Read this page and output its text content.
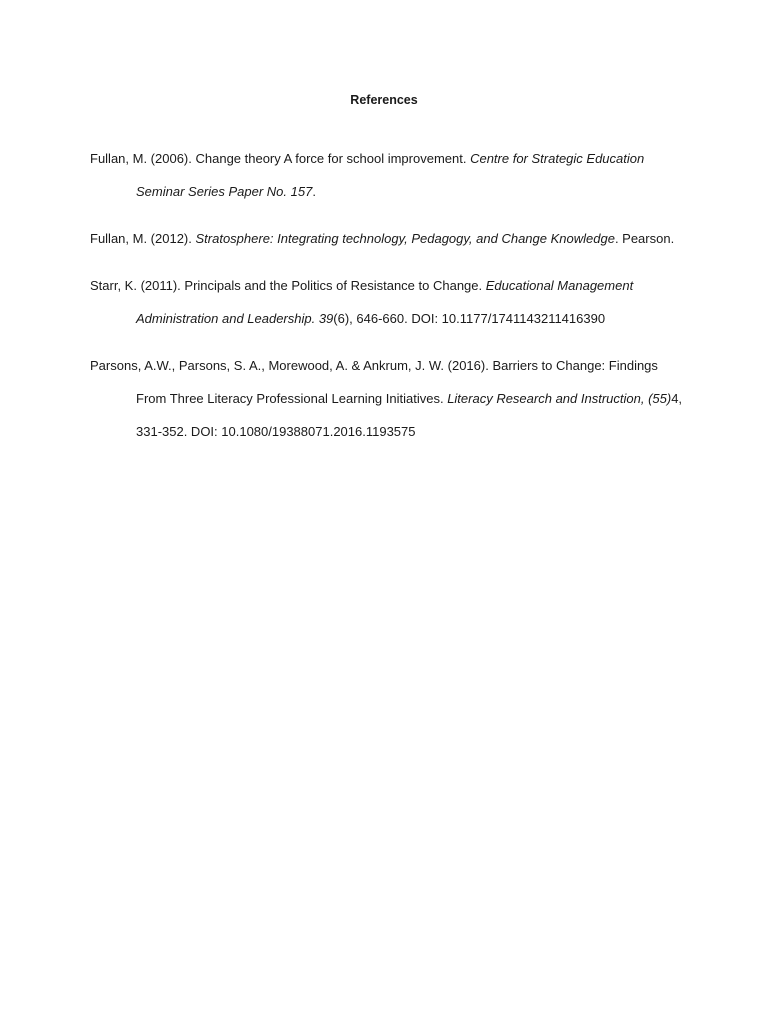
References
Fullan, M. (2006). Change theory A force for school improvement. Centre for Strategic Education Seminar Series Paper No. 157.
Fullan, M. (2012). Stratosphere: Integrating technology, Pedagogy, and Change Knowledge. Pearson.
Starr, K. (2011). Principals and the Politics of Resistance to Change. Educational Management Administration and Leadership. 39(6), 646-660. DOI: 10.1177/1741143211416390
Parsons, A.W., Parsons, S. A., Morewood, A. & Ankrum, J. W. (2016). Barriers to Change: Findings From Three Literacy Professional Learning Initiatives. Literacy Research and Instruction, (55)4, 331-352. DOI: 10.1080/19388071.2016.1193575
